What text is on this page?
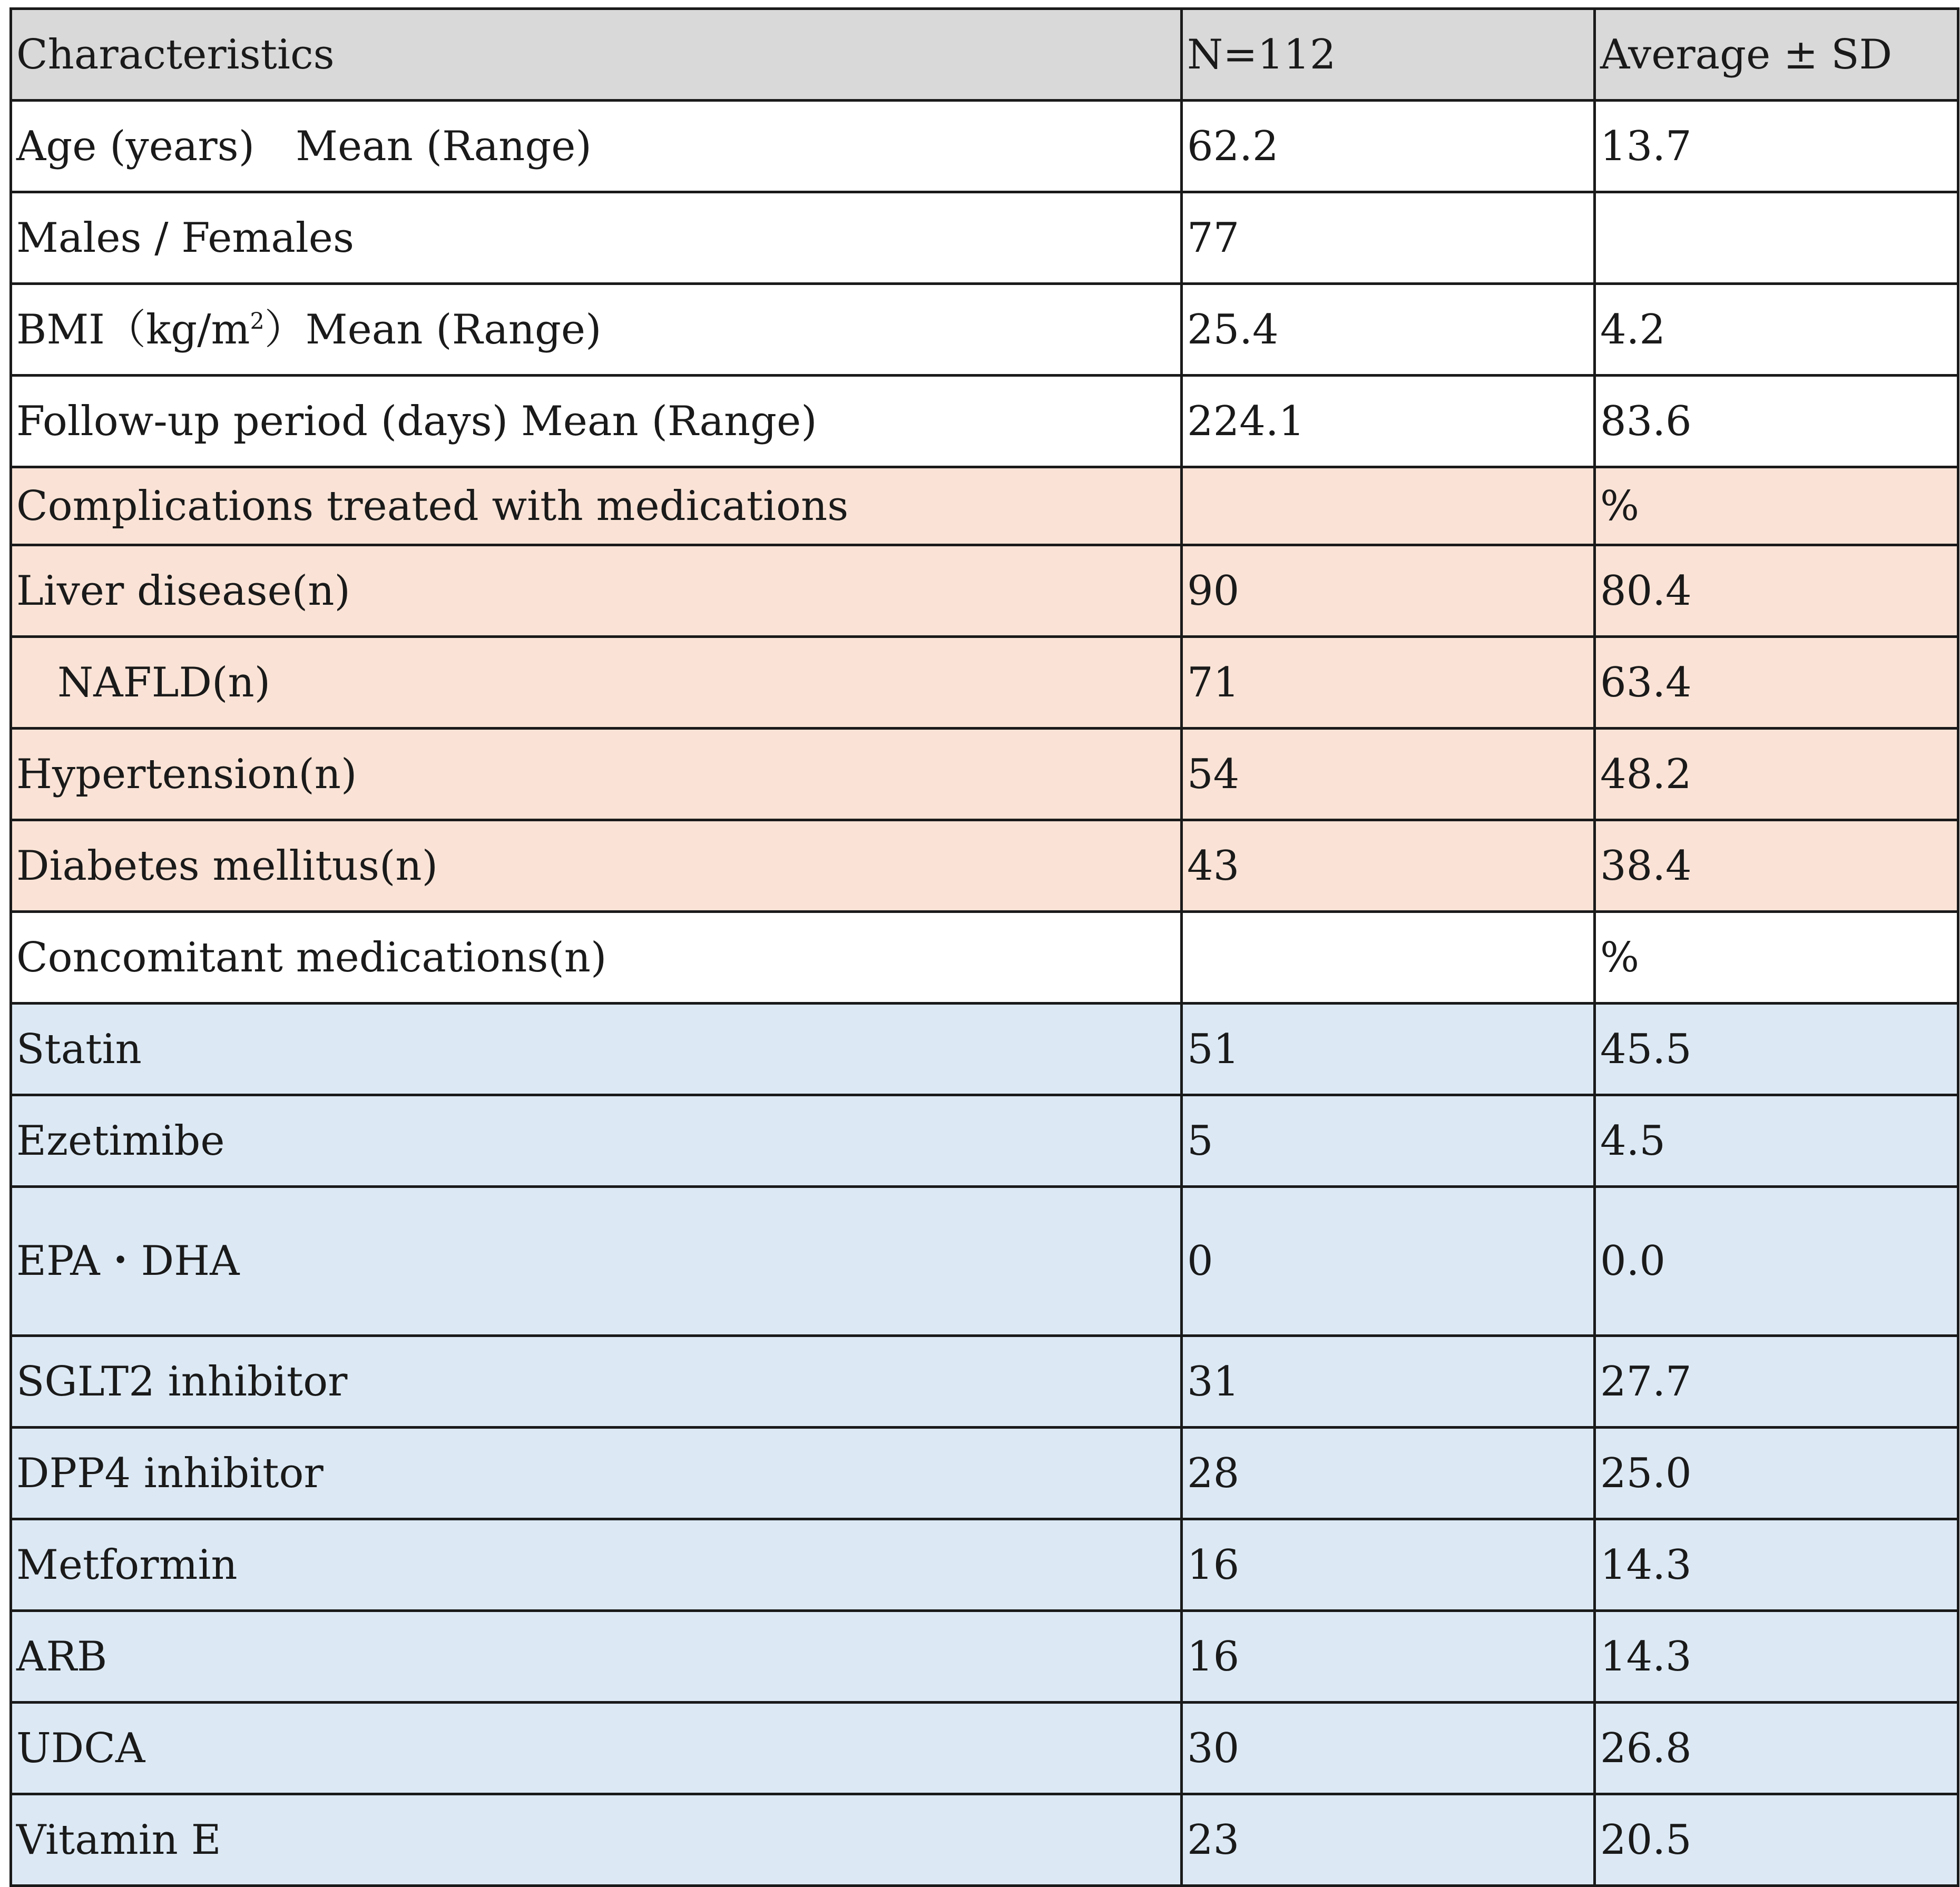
Characteristics	N=112	Average ± SD
Age (years)　Mean (Range)	62.2	13.7
Males / Females	77	
$BMI(kg/m^2)Mean$ (Range)	25.4	4.2
Follow-up period (days) Mean (Range)	224.1	83.6
Complications treated with medications		%
Liver disease(n)	90	80.4
　NAFLD(n)	71	63.4
Hypertension(n)	54	48.2
Diabetes mellitus(n)	43	38.4
Concomitant medications(n)		%
Statin	51	45.5
Ezetimibe	5	4.5
EPA・DHA	0	0.0
SGLT2 inhibitor	31	27.7
DPP4 inhibitor	28	25.0
Metformin	16	14.3
ARB	16	14.3
UDCA	30	26.8
Vitamin E	23	20.5
